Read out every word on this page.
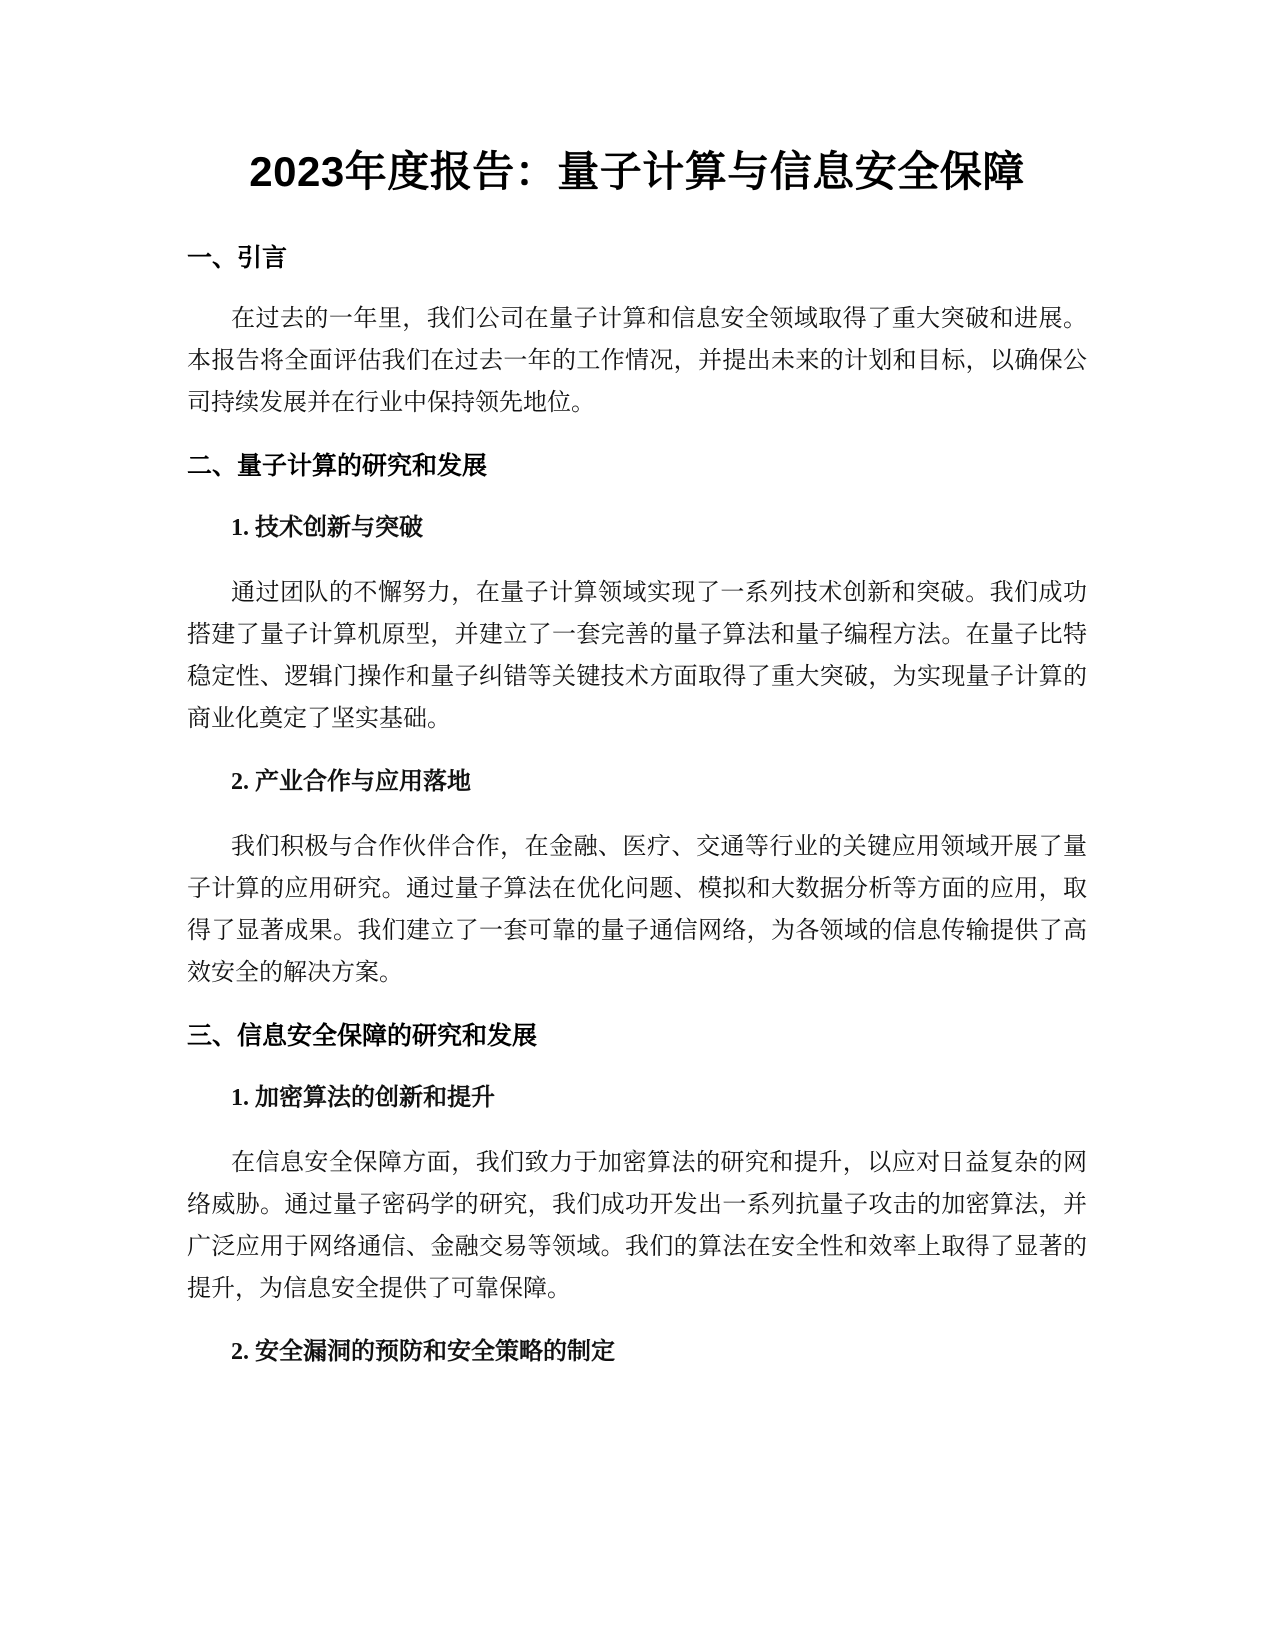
2023年度报告：量子计算与信息安全保障
一、引言

在过去的一年里，我们公司在量子计算和信息安全领域取得了重大突破和进展。本报告将全面评估我们在过去一年的工作情况，并提出未来的计划和目标，以确保公司持续发展并在行业中保持领先地位。

二、量子计算的研究和发展
1. 技术创新与突破

通过团队的不懈努力，在量子计算领域实现了一系列技术创新和突破。我们成功搭建了量子计算机原型，并建立了一套完善的量子算法和量子编程方法。在量子比特稳定性、逻辑门操作和量子纠错等关键技术方面取得了重大突破，为实现量子计算的商业化奠定了坚实基础。

2. 产业合作与应用落地

我们积极与合作伙伴合作，在金融、医疗、交通等行业的关键应用领域开展了量子计算的应用研究。通过量子算法在优化问题、模拟和大数据分析等方面的应用，取得了显著成果。我们建立了一套可靠的量子通信网络，为各领域的信息传输提供了高效安全的解决方案。

三、信息安全保障的研究和发展
1. 加密算法的创新和提升

在信息安全保障方面，我们致力于加密算法的研究和提升，以应对日益复杂的网络威胁。通过量子密码学的研究，我们成功开发出一系列抗量子攻击的加密算法，并广泛应用于网络通信、金融交易等领域。我们的算法在安全性和效率上取得了显著的提升，为信息安全提供了可靠保障。

2. 安全漏洞的预防和安全策略的制定
